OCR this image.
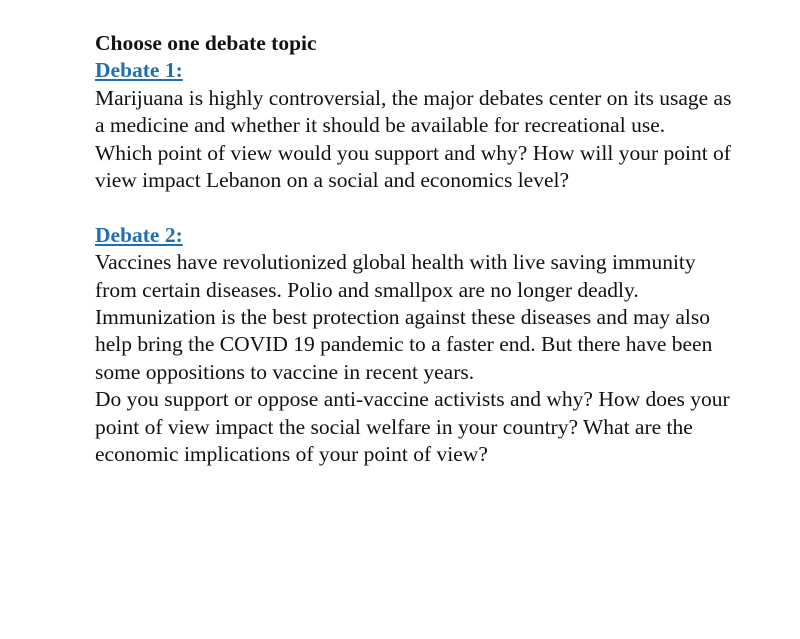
Choose one debate topic

Debate 1:

Marijuana is highly controversial, the major debates center on its usage as a medicine and whether it should be available for recreational use.

Which point of view would you support and why? How will your point of view impact Lebanon on a social and economics level?

Debate 2:

Vaccines have revolutionized global health with live saving immunity from certain diseases. Polio and smallpox are no longer deadly. Immunization is the best protection against these diseases and may also help bring the COVID 19 pandemic to a faster end. But there have been some oppositions to vaccine in recent years.

Do you support or oppose anti-vaccine activists and why? How does your point of view impact the social welfare in your country? What are the economic implications of your point of view?
